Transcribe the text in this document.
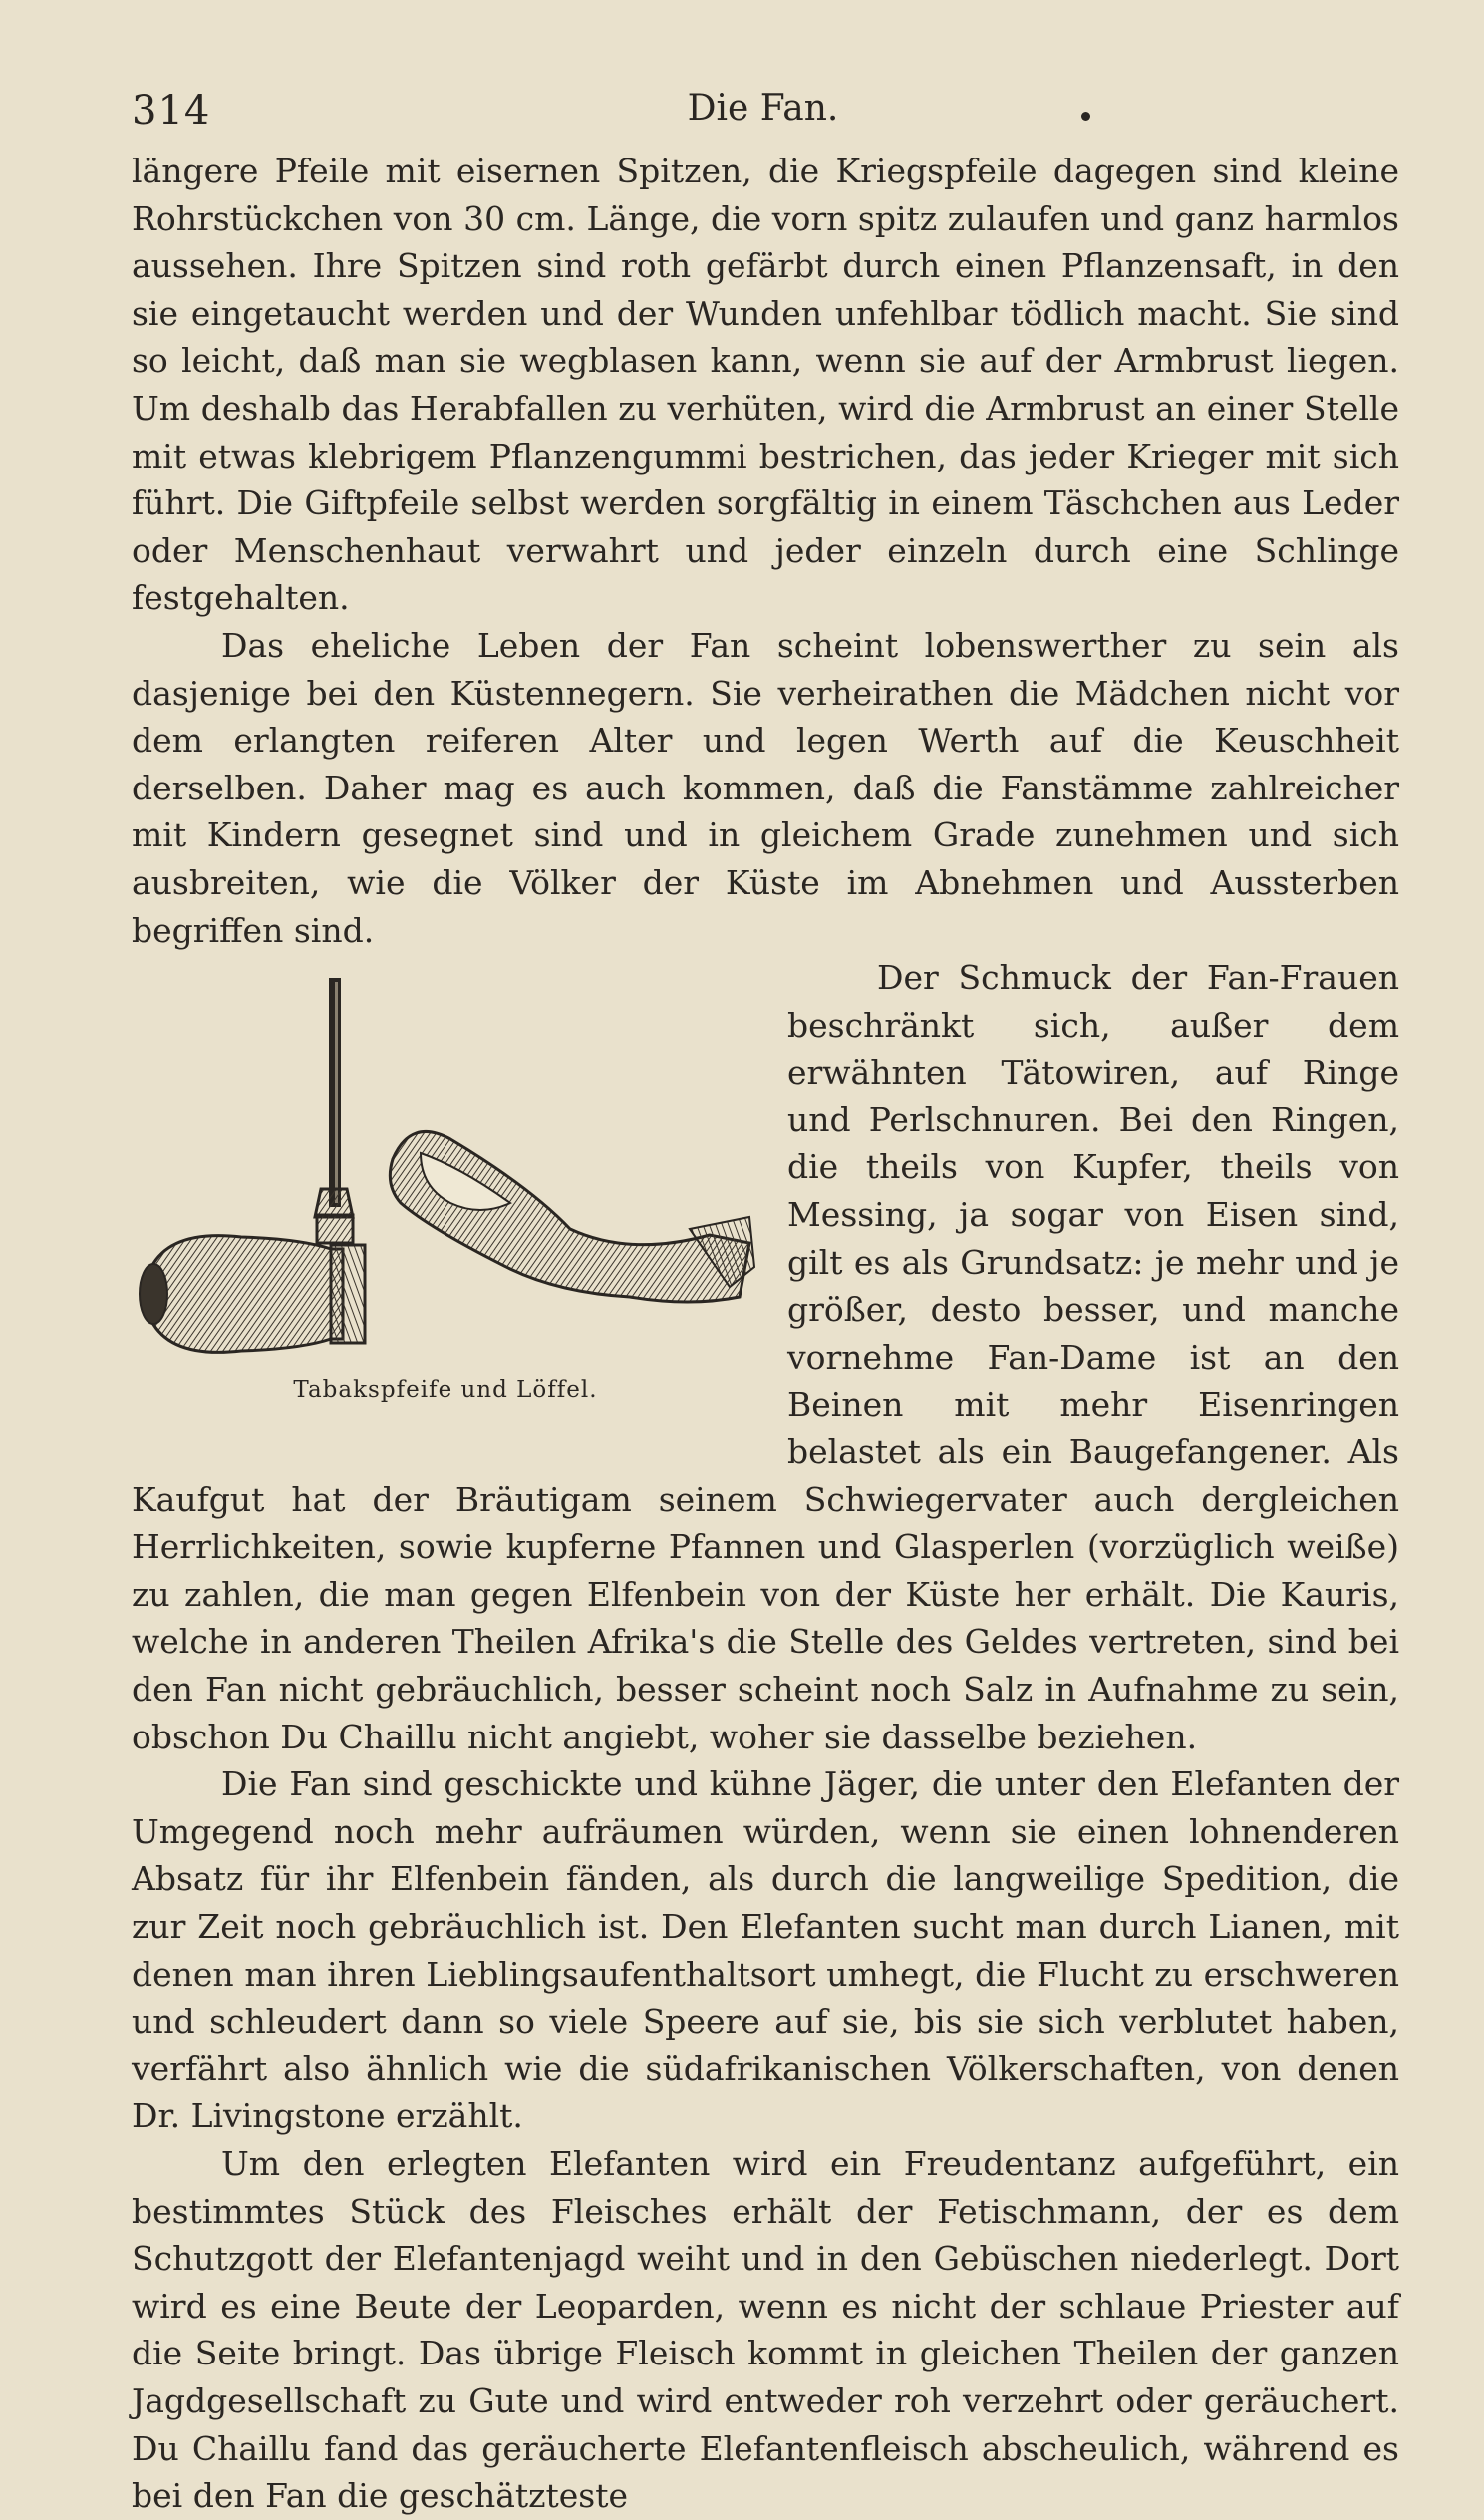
314	Die Fan.

längere Pfeile mit eisernen Spitzen, die Kriegspfeile dagegen sind kleine Rohrstückchen von 30 cm. Länge, die vorn spitz zulaufen und ganz harmlos aussehen. Ihre Spitzen sind roth gefärbt durch einen Pflanzensaft, in den sie eingetaucht werden und der Wunden unfehlbar tödlich macht. Sie sind so leicht, daß man sie wegblasen kann, wenn sie auf der Armbrust liegen. Um deshalb das Herabfallen zu verhüten, wird die Armbrust an einer Stelle mit etwas klebrigem Pflanzengummi bestrichen, das jeder Krieger mit sich führt. Die Giftpfeile selbst werden sorgfältig in einem Täschchen aus Leder oder Menschenhaut verwahrt und jeder einzeln durch eine Schlinge festgehalten.

Das eheliche Leben der Fan scheint lobenswerther zu sein als dasjenige bei den Küstennegern. Sie verheirathen die Mädchen nicht vor dem erlangten reiferen Alter und legen Werth auf die Keuschheit derselben. Daher mag es auch kommen, daß die Fanstämme zahlreicher mit Kindern gesegnet sind und in gleichem Grade zunehmen und sich ausbreiten, wie die Völker der Küste im Abnehmen und Aussterben begriffen sind.

Tabakspfeife und Löffel.

Der Schmuck der Fan-Frauen beschränkt sich, außer dem erwähnten Tätowiren, auf Ringe und Perlschnuren. Bei den Ringen, die theils von Kupfer, theils von Messing, ja sogar von Eisen sind, gilt es als Grundsatz: je mehr und je größer, desto besser, und manche vornehme Fan-Dame ist an den Beinen mit mehr Eisenringen belastet als ein Baugefangener. Als Kaufgut hat der Bräutigam seinem Schwiegervater auch dergleichen Herrlichkeiten, sowie kupferne Pfannen und Glasperlen (vorzüglich weiße) zu zahlen, die man gegen Elfenbein von der Küste her erhält. Die Kauris, welche in anderen Theilen Afrika's die Stelle des Geldes vertreten, sind bei den Fan nicht gebräuchlich, besser scheint noch Salz in Aufnahme zu sein, obschon Du Chaillu nicht angiebt, woher sie dasselbe beziehen.

Die Fan sind geschickte und kühne Jäger, die unter den Elefanten der Umgegend noch mehr aufräumen würden, wenn sie einen lohnenderen Absatz für ihr Elfenbein fänden, als durch die langweilige Spedition, die zur Zeit noch gebräuchlich ist. Den Elefanten sucht man durch Lianen, mit denen man ihren Lieblingsaufenthaltsort umhegt, die Flucht zu erschweren und schleudert dann so viele Speere auf sie, bis sie sich verblutet haben, verfährt also ähnlich wie die südafrikanischen Völkerschaften, von denen Dr. Livingstone erzählt.

Um den erlegten Elefanten wird ein Freudentanz aufgeführt, ein bestimmtes Stück des Fleisches erhält der Fetischmann, der es dem Schutzgott der Elefantenjagd weiht und in den Gebüschen niederlegt. Dort wird es eine Beute der Leoparden, wenn es nicht der schlaue Priester auf die Seite bringt. Das übrige Fleisch kommt in gleichen Theilen der ganzen Jagdgesellschaft zu Gute und wird entweder roh verzehrt oder geräuchert. Du Chaillu fand das geräucherte Elefantenfleisch abscheulich, während es bei den Fan die geschätzteste
